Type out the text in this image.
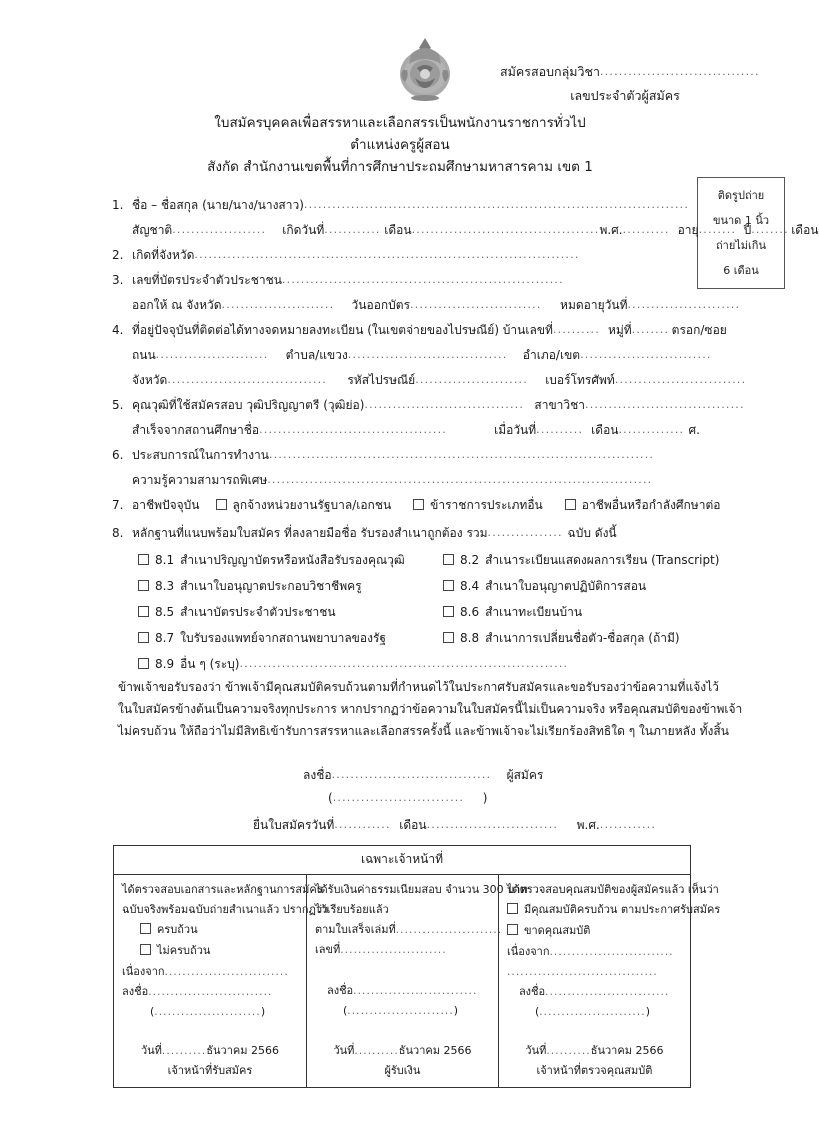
สมัครสอบกลุ่มวิชา..................................
เลขประจำตัวผู้สมัคร
ใบสมัครบุคคลเพื่อสรรหาและเลือกสรรเป็นพนักงานราชการทั่วไป
ตำแหน่งครูผู้สอน
สังกัด สำนักงานเขตพื้นที่การศึกษาประถมศึกษามหาสารคาม เขต 1
ติดรูปถ่าย
ขนาด 1 นิ้ว
ถ่ายไม่เกิน
6 เดือน
1. ชื่อ – ชื่อสกุล (นาย/นาง/นางสาว) ..................................................................................
สัญชาติ ....................	เกิดวันที่ ............ เดือน ........................................ พ.ศ. .......... อายุ ........ ปี ........ เดือน
2. เกิดที่จังหวัด ..................................................................................
3. เลขที่บัตรประจำตัวประชาชน ............................................................
ออกให้ ณ จังหวัด ........................	วันออกบัตร ............................	หมดอายุวันที่ ........................
4. ที่อยู่ปัจจุบันที่ติดต่อได้ทางจดหมายลงทะเบียน (ในเขตจ่ายของไปรษณีย์) บ้านเลขที่ .......... หมู่ที่ ........ ตรอก/ซอย
ถนน ........................	ตำบล/แขวง ..................................	อำเภอ/เขต ............................
จังหวัด ..................................	รหัสไปรษณีย์ ........................	เบอร์โทรศัพท์ ............................
5. คุณวุฒิที่ใช้สมัครสอบ วุฒิปริญญาตรี (วุฒิย่อ) .................................. สาขาวิชา ..................................
สำเร็จจากสถานศึกษาชื่อ ........................................	เมื่อวันที่ .......... เดือน .............. ศ.
6. ประสบการณ์ในการทำงาน ..................................................................................
ความรู้ความสามารถพิเศษ ..................................................................................
7. อาชีพปัจจุบัน	ลูกจ้างหน่วยงานรัฐบาล/เอกชน	ข้าราชการประเภทอื่น	อาชีพอื่นหรือกำลังศึกษาต่อ
8. หลักฐานที่แนบพร้อมใบสมัคร ที่ลงลายมือชื่อ รับรองสำเนาถูกต้อง รวม ................ ฉบับ ดังนี้
8.1 สำเนาปริญญาบัตรหรือหนังสือรับรองคุณวุฒิ	8.2 สำเนาระเบียนแสดงผลการเรียน (Transcript)
8.3 สำเนาใบอนุญาตประกอบวิชาชีพครู	8.4 สำเนาใบอนุญาตปฏิบัติการสอน
8.5 สำเนาบัตรประจำตัวประชาชน	8.6 สำเนาทะเบียนบ้าน
8.7 ใบรับรองแพทย์จากสถานพยาบาลของรัฐ	8.8 สำเนาการเปลี่ยนชื่อตัว-ชื่อสกุล (ถ้ามี)
8.9 อื่น ๆ (ระบุ) ......................................................................
ข้าพเจ้าขอรับรองว่า ข้าพเจ้ามีคุณสมบัติครบถ้วนตามที่กำหนดไว้ในประกาศรับสมัครและขอรับรองว่าข้อความที่แจ้งไว้
ในใบสมัครข้างต้นเป็นความจริงทุกประการ หากปรากฏว่าข้อความในใบสมัครนี้ไม่เป็นความจริง หรือคุณสมบัติของข้าพเจ้า
ไม่ครบถ้วน ให้ถือว่าไม่มีสิทธิเข้ารับการสรรหาและเลือกสรรครั้งนี้ และข้าพเจ้าจะไม่เรียกร้องสิทธิใด ๆ ในภายหลัง ทั้งสิ้น
ลงชื่อ.................................. ผู้สมัคร
(............................ )
ยื่นใบสมัครวันที่............ เดือน............................ พ.ศ.............
เฉพาะเจ้าหน้าที่
ได้ตรวจสอบเอกสารและหลักฐานการสมัคร
ฉบับจริงพร้อมฉบับถ่ายสำเนาแล้ว ปรากฏว่า
ครบถ้วน
ไม่ครบถ้วน
เนื่องจาก............................
ลงชื่อ............................
(........................)
วันที่..........ธันวาคม 2566
เจ้าหน้าที่รับสมัคร
ได้รับเงินค่าธรรมเนียมสอบ จำนวน 300 บาท
ไว้เรียบร้อยแล้ว
ตามใบเสร็จเล่มที่........................
เลขที่........................

ลงชื่อ............................
(........................)
วันที่..........ธันวาคม 2566
ผู้รับเงิน
ได้ตรวจสอบคุณสมบัติของผู้สมัครแล้ว เห็นว่า
มีคุณสมบัติครบถ้วน ตามประกาศรับสมัคร
ขาดคุณสมบัติ
เนื่องจาก............................
..................................
ลงชื่อ............................
(........................)
วันที่..........ธันวาคม 2566
เจ้าหน้าที่ตรวจคุณสมบัติ
